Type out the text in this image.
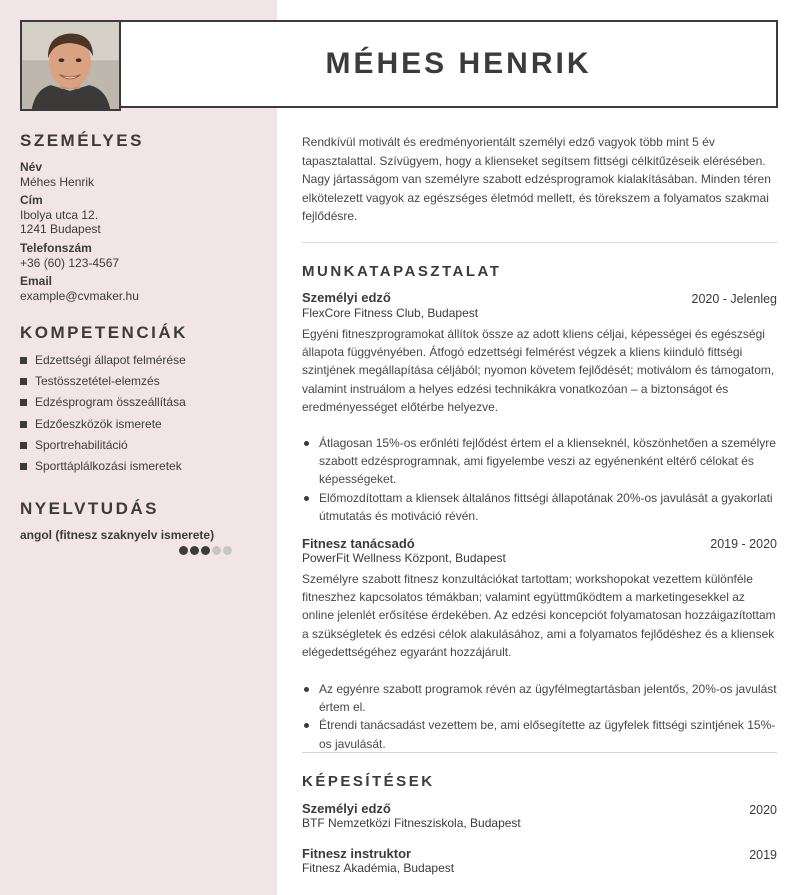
MÉHES HENRIK
SZEMÉLYES
Név
Méhes Henrik
Cím
Ibolya utca 12.
1241 Budapest
Telefonszám
+36 (60) 123-4567
Email
example@cvmaker.hu
KOMPETENCIÁK
Edzettségi állapot felmérése
Testösszetétel-elemzés
Edzésprogram összeállítása
Edzőeszközök ismerete
Sportrehabilitáció
Sporttáplálkozási ismeretek
NYELVTUDÁS
angol (fitnesz szaknyelv ismerete)
Rendkívül motivált és eredményorientált személyi edző vagyok több mint 5 év tapasztalattal. Szívügyem, hogy a klienseket segítsem fittségi célkitűzéseik elérésében. Nagy jártasságom van személyre szabott edzésprogramok kialakításában. Minden téren elkötelezett vagyok az egészséges életmód mellett, és törekszem a folyamatos szakmai fejlődésre.
MUNKATAPASZTALAT
Személyi edző	2020 - Jelenleg
FlexCore Fitness Club, Budapest
Egyéni fitneszprogramokat állítok össze az adott kliens céljai, képességei és egészségi állapota függvényében. Átfogó edzettségi felmérést végzek a kliens kiinduló fittségi szintjének megállapítása céljából; nyomon követem fejlődését; motiválom és támogatom, valamint instruálom a helyes edzési technikákra vonatkozóan – a biztonságot és eredményességet előtérbe helyezve.
Átlagosan 15%-os erőnléti fejlődést értem el a klienseknél, köszönhetően a személyre szabott edzésprogramnak, ami figyelembe veszi az egyénenként eltérő célokat és képességeket.
Előmozdítottam a kliensek általános fittségi állapotának 20%-os javulását a gyakorlati útmutatás és motiváció révén.
Fitnesz tanácsadó	2019 - 2020
PowerFit Wellness Központ, Budapest
Személyre szabott fitnesz konzultációkat tartottam; workshopokat vezettem különféle fitneszhez kapcsolatos témákban; valamint együttműködtem a marketingesekkel az online jelenlét erősítése érdekében. Az edzési koncepciót folyamatosan hozzáigazítottam a szükségletek és edzési célok alakulásához, ami a folyamatos fejlődéshez és a kliensek elégedettségéhez egyaránt hozzájárult.
Az egyénre szabott programok révén az ügyfélmegtartásban jelentős, 20%-os javulást értem el.
Étrendi tanácsadást vezettem be, ami elősegítette az ügyfelek fittségi szintjének 15%-os javulását.
KÉPESÍTÉSEK
Személyi edző	2020
BTF Nemzetközi Fitnesziskola, Budapest
Fitnesz instruktor	2019
Fitnesz Akadémia, Budapest
